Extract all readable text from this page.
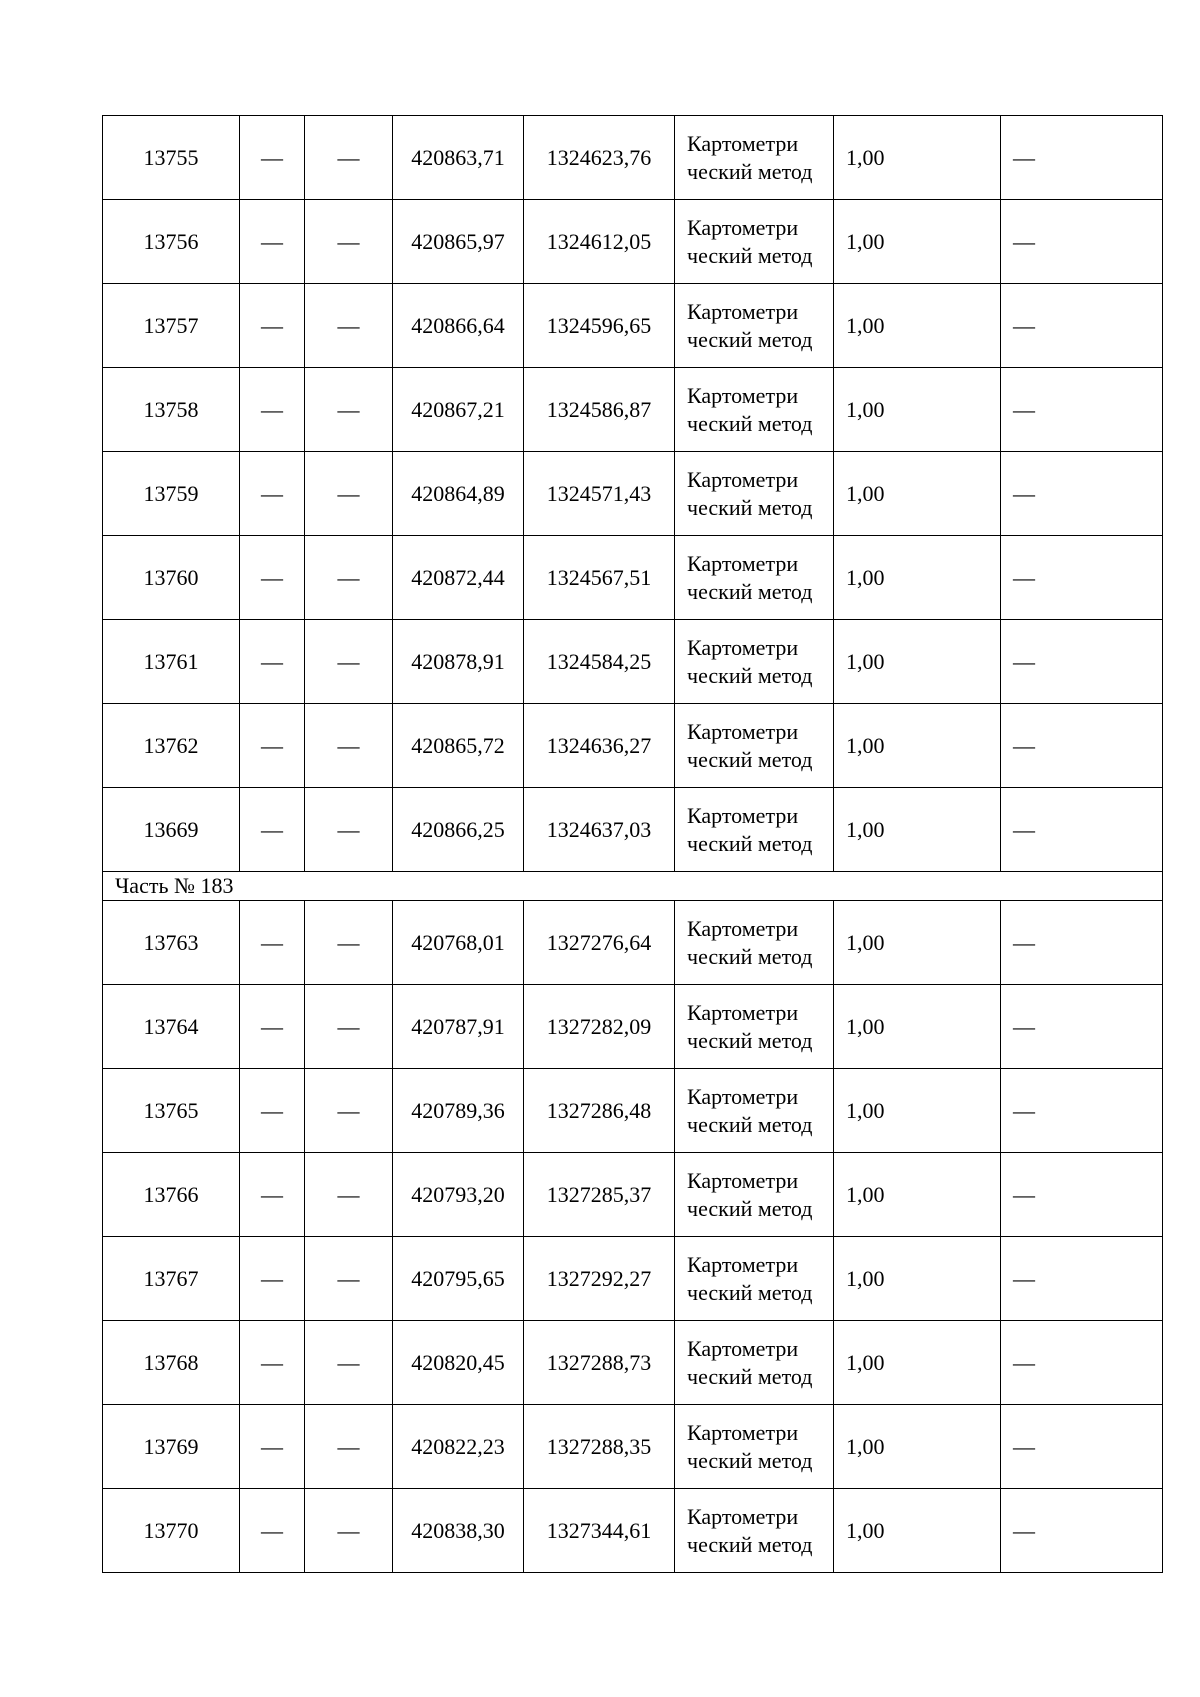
13755	—	—	420863,71	1324623,76	Картометри ческий метод	1,00	—
13756	—	—	420865,97	1324612,05	Картометри ческий метод	1,00	—
13757	—	—	420866,64	1324596,65	Картометри ческий метод	1,00	—
13758	—	—	420867,21	1324586,87	Картометри ческий метод	1,00	—
13759	—	—	420864,89	1324571,43	Картометри ческий метод	1,00	—
13760	—	—	420872,44	1324567,51	Картометри ческий метод	1,00	—
13761	—	—	420878,91	1324584,25	Картометри ческий метод	1,00	—
13762	—	—	420865,72	1324636,27	Картометри ческий метод	1,00	—
13669	—	—	420866,25	1324637,03	Картометри ческий метод	1,00	—
Часть № 183							
13763	—	—	420768,01	1327276,64	Картометри ческий метод	1,00	—
13764	—	—	420787,91	1327282,09	Картометри ческий метод	1,00	—
13765	—	—	420789,36	1327286,48	Картометри ческий метод	1,00	—
13766	—	—	420793,20	1327285,37	Картометри ческий метод	1,00	—
13767	—	—	420795,65	1327292,27	Картометри ческий метод	1,00	—
13768	—	—	420820,45	1327288,73	Картометри ческий метод	1,00	—
13769	—	—	420822,23	1327288,35	Картометри ческий метод	1,00	—
13770	—	—	420838,30	1327344,61	Картометри ческий метод	1,00	—
